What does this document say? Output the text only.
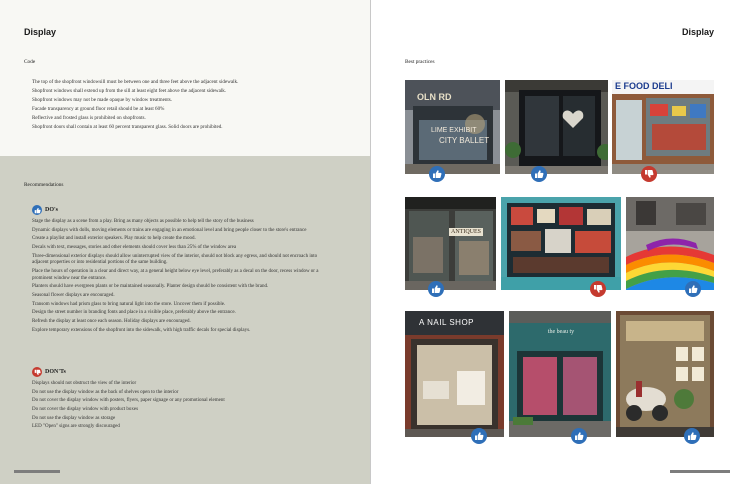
Display
Code
The top of the shopfront windowsill must be between one and three feet above the adjacent sidewalk.
Shopfront windows shall extend up from the sill at least eight feet above the adjacent sidewalk.
Shopfront windows may not be made opaque by window treatments.
Facade transparency at ground floor retail should be at least 60%
Reflective and frosted glass is prohibited on shopfronts.
Shopfront doors shall contain at least 60 percent transparent glass. Solid doors are prohibited.
Recommendations
DO's
Stage the display as a scene from a play. Bring as many objects as possible to help tell the story of the business
Dynamic displays with dolls, moving elements or trains are engaging in an emotional level and bring people closer to the store's entrance
Create a playlist and install exterior speakers. Play music to help create the mood.
Decals with text, messages, stories and other elements should cover less than 25% of the window area
Three-dimensional exterior displays should allow uninterrupted view of the interior, should not block any egress, and should not encroach into adjacent properties or into residential portions of the same building.
Place the hours of operation in a clear and direct way, at a general height below eye level, preferably as a decal on the door, recess window or a prominent window near the entrance.
Planters should have evergreen plants or be maintained seasonally. Planter design should be consistent with the brand.
Seasonal flower displays are encouraged.
Transom windows had prism glass to bring natural light into the store. Uncover them if possible.
Design the street number in branding fonts and place in a visible place, preferably above the entrance.
Refresh the display at least once each season. Holiday displays are encouraged.
Explore temporary extensions of the shopfront into the sidewalk, with high traffic decals for special displays.
DON'Ts
Displays should not obstruct the view of the interior
Do not use the display window as the back of shelves open to the interior
Do not cover the display window with posters, flyers, paper signage or any promotional element
Do not cover the display window with product boxes
Do not use the display window as storage
LED "Open" signs are strongly discouraged
Display
Best practices
OLN RD
LIME EXHIBIT
CITY BALLET
E FOOD DELI
ANTIQUES
A NAIL SHOP
the beau ty
